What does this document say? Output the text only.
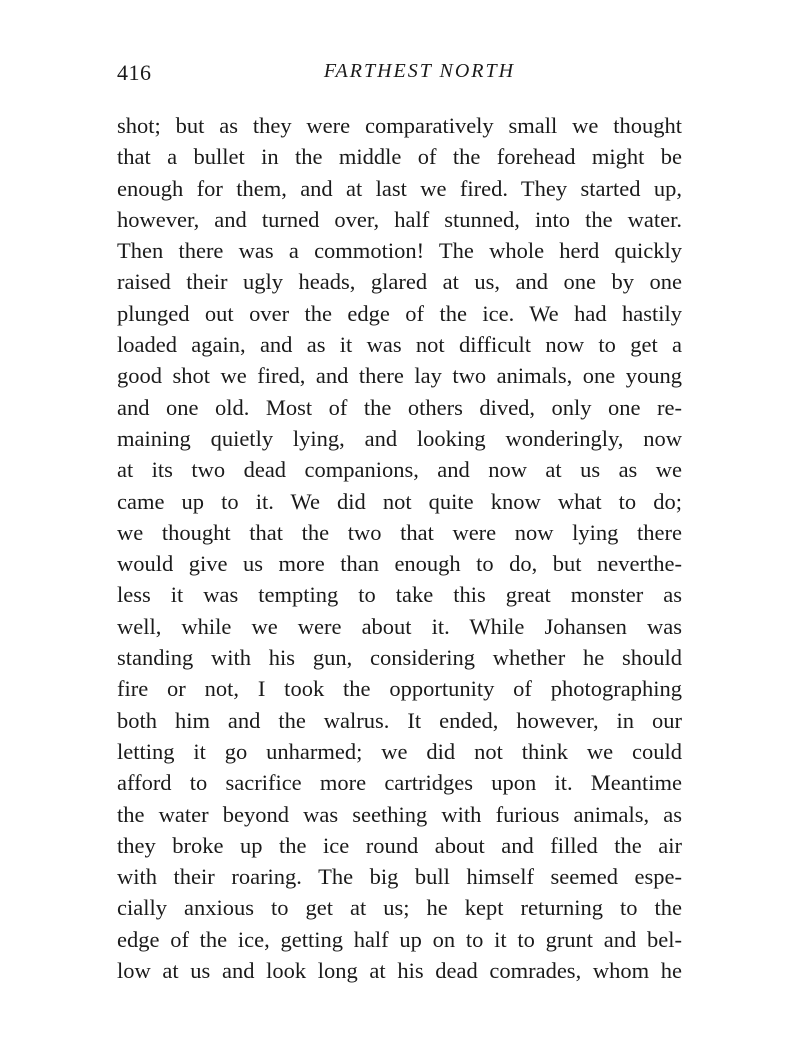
416	FARTHEST NORTH
shot; but as they were comparatively small we thought
that a bullet in the middle of the forehead might be
enough for them, and at last we fired. They started up,
however, and turned over, half stunned, into the water.
Then there was a commotion! The whole herd quickly
raised their ugly heads, glared at us, and one by one
plunged out over the edge of the ice. We had hastily
loaded again, and as it was not difficult now to get a
good shot we fired, and there lay two animals, one young
and one old. Most of the others dived, only one re-
maining quietly lying, and looking wonderingly, now
at its two dead companions, and now at us as we
came up to it. We did not quite know what to do;
we thought that the two that were now lying there
would give us more than enough to do, but neverthe-
less it was tempting to take this great monster as
well, while we were about it. While Johansen was
standing with his gun, considering whether he should
fire or not, I took the opportunity of photographing
both him and the walrus. It ended, however, in our
letting it go unharmed; we did not think we could
afford to sacrifice more cartridges upon it. Meantime
the water beyond was seething with furious animals, as
they broke up the ice round about and filled the air
with their roaring. The big bull himself seemed espe-
cially anxious to get at us; he kept returning to the
edge of the ice, getting half up on to it to grunt and bel-
low at us and look long at his dead comrades, whom he
